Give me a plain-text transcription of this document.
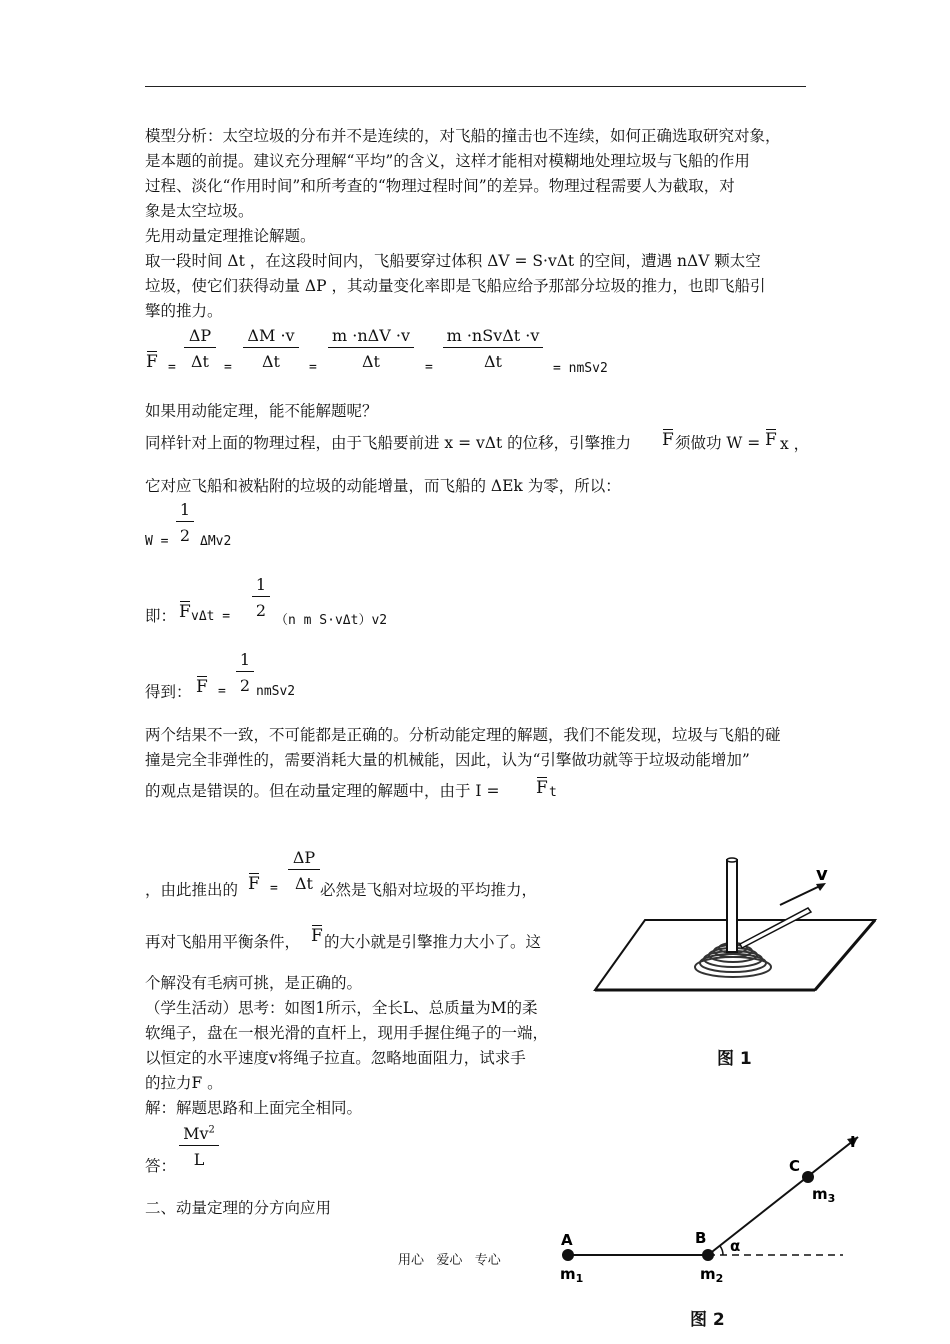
模型分析：太空垃圾的分布并不是连续的，对飞船的撞击也不连续，如何正确选取研究对象，
是本题的前提。建议充分理解“平均”的含义，这样才能相对模糊地处理垃圾与飞船的作用
过程、淡化“作用时间”和所考查的“物理过程时间”的差异。物理过程需要人为截取，对
象是太空垃圾。
先用动量定理推论解题。
取一段时间 Δt ，在这段时间内，飞船要穿过体积 ΔV = S·vΔt 的空间，遭遇 nΔV 颗太空
垃圾，使它们获得动量 ΔP ，其动量变化率即是飞船应给予那部分垃圾的推力，也即飞船引
擎的推力。
F =
ΔP
Δt	=
ΔM ·v
Δt	=
m ·nΔV ·v
Δt	=
m ·nSvΔt ·v
Δt	= nmSv2
如果用动能定理，能不能解题呢？
同样针对上面的物理过程，由于飞船要前进 x = vΔt 的位移，引擎推力 F 须做功 W = F x ，
它对应飞船和被粘附的垃圾的动能增量，而飞船的 ΔEk 为零，所以：
W =
1
2 ΔMv2
即： F vΔt =
1
2
（n m S·vΔt）v2
得到： F =
1
2 nmSv2
两个结果不一致，不可能都是正确的。分析动能定理的解题，我们不能发现，垃圾与飞船的碰
撞是完全非弹性的，需要消耗大量的机械能，因此，认为“引擎做功就等于垃圾动能增加”
的观点是错误的。但在动量定理的解题中，由于 I = F t
，由此推出的 F =
ΔP
Δt 必然是飞船对垃圾的平均推力，
再对飞船用平衡条件， F 的大小就是引擎推力大小了。这
个解没有毛病可挑，是正确的。
（学生活动）思考：如图1所示，全长L、总质量为M的柔
软绳子，盘在一根光滑的直杆上，现用手握住绳子的一端，
以恒定的水平速度v将绳子拉直。忽略地面阻力，试求手
的拉力F 。
解：解题思路和上面完全相同。
答：
Mv$^2$
L
二、动量定理的分方向应用
用心   爱心   专心
v
图 1
A	B
C
I
α
$m_1$	$m_2$
$m_3$
图 2
